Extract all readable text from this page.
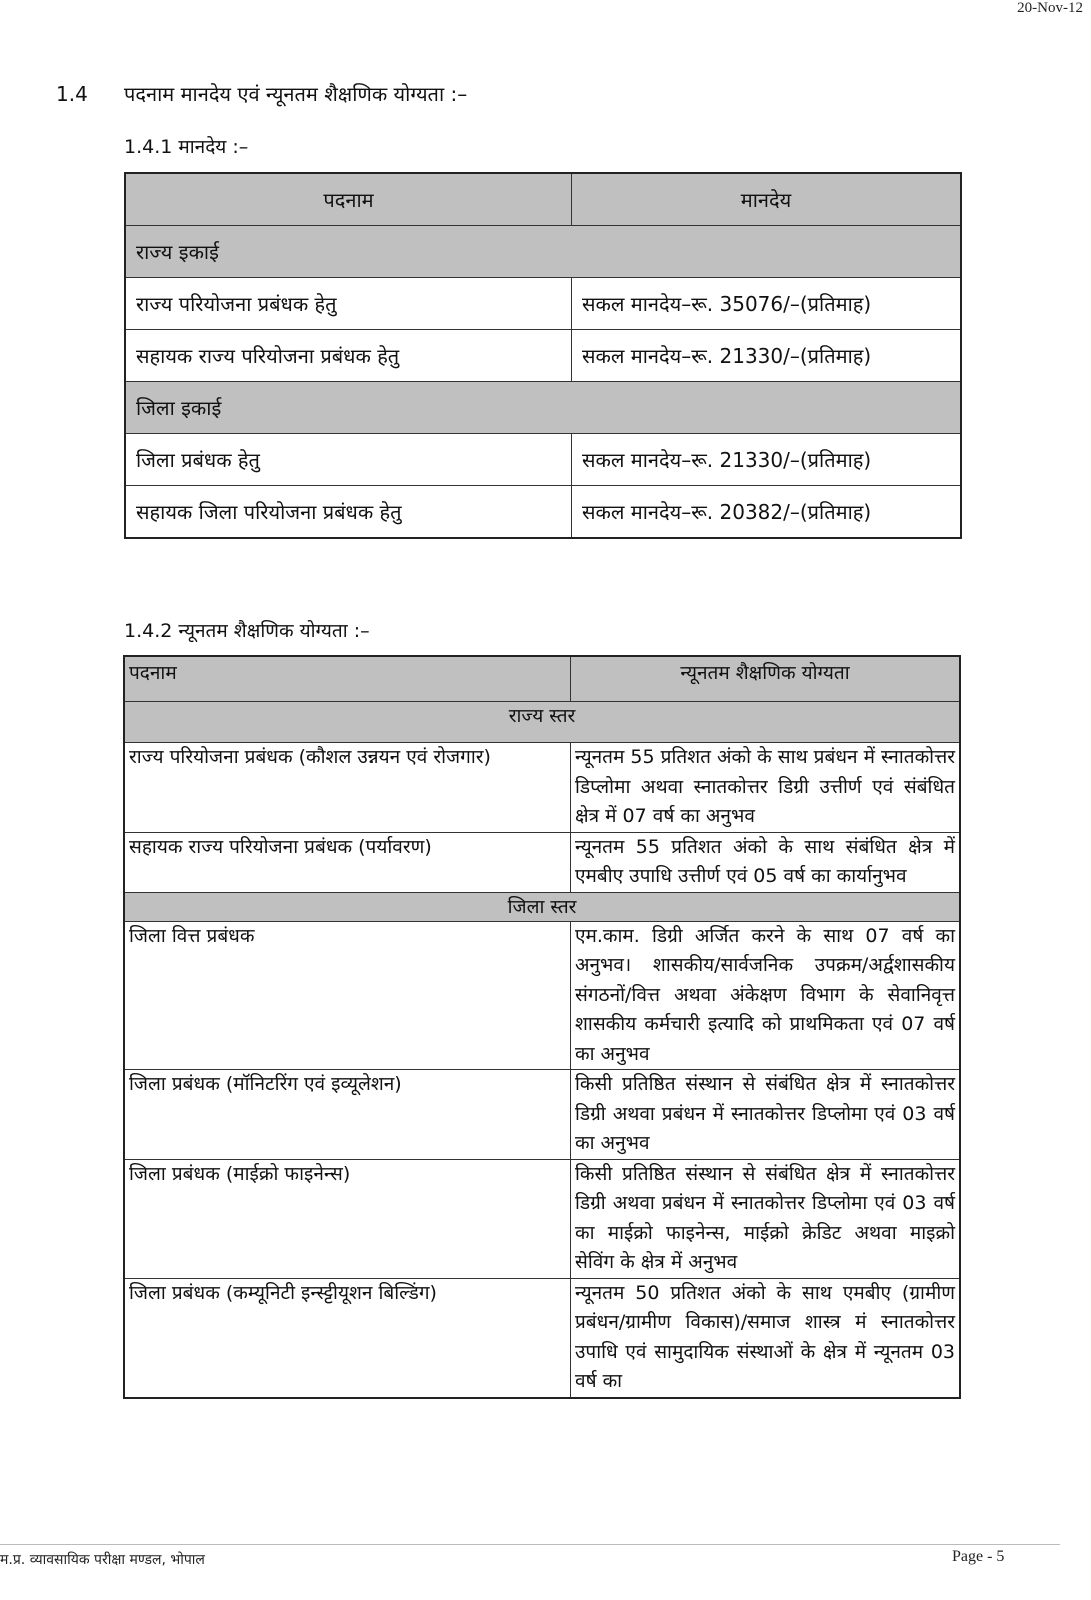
20-Nov-12
1.4 पदनाम मानदेय एवं न्यूनतम शैक्षणिक योग्यता :–
1.4.1 मानदेय :–
पदनाम	मानदेय
राज्य इकाई	
राज्य परियोजना प्रबंधक हेतु	सकल मानदेय–रू. 35076/–(प्रतिमाह)
सहायक राज्य परियोजना प्रबंधक हेतु	सकल मानदेय–रू. 21330/–(प्रतिमाह)
जिला इकाई	
जिला प्रबंधक हेतु	सकल मानदेय–रू. 21330/–(प्रतिमाह)
सहायक जिला परियोजना प्रबंधक हेतु	सकल मानदेय–रू. 20382/–(प्रतिमाह)
1.4.2 न्यूनतम शैक्षणिक योग्यता :–
पदनाम	न्यूनतम शैक्षणिक योग्यता
राज्य स्तर	
राज्य परियोजना प्रबंधक (कौशल उन्नयन एवं रोजगार)	न्यूनतम 55 प्रतिशत अंको के साथ प्रबंधन में स्नातकोत्तर डिप्लोमा अथवा स्नातकोत्तर डिग्री उत्तीर्ण एवं संबंधित क्षेत्र में 07 वर्ष का अनुभव
सहायक राज्य परियोजना प्रबंधक (पर्यावरण)	न्यूनतम 55 प्रतिशत अंको के साथ संबंधित क्षेत्र में एमबीए उपाधि उत्तीर्ण एवं 05 वर्ष का कार्यानुभव
जिला स्तर	
जिला वित्त प्रबंधक	एम.काम. डिग्री अर्जित करने के साथ 07 वर्ष का अनुभव। शासकीय/सार्वजनिक उपक्रम/अर्द्वशासकीय संगठनों/वित्त अथवा अंकेक्षण विभाग के सेवानिवृत्त शासकीय कर्मचारी इत्यादि को प्राथमिकता एवं 07 वर्ष का अनुभव
जिला प्रबंधक (मॉनिटरिंग एवं इव्यूलेशन)	किसी प्रतिष्ठित संस्थान से संबंधित क्षेत्र में स्नातकोत्तर डिग्री अथवा प्रबंधन में स्नातकोत्तर डिप्लोमा एवं 03 वर्ष का अनुभव
जिला प्रबंधक (माईक्रो फाइनेन्स)	किसी प्रतिष्ठित संस्थान से संबंधित क्षेत्र में स्नातकोत्तर डिग्री अथवा प्रबंधन में स्नातकोत्तर डिप्लोमा एवं 03 वर्ष का माईक्रो फाइनेन्स, माईक्रो क्रेडिट अथवा माइक्रो सेविंग के क्षेत्र में अनुभव
जिला प्रबंधक (कम्यूनिटी इन्स्ट्टीयूशन बिल्डिंग)	न्यूनतम 50 प्रतिशत अंको के साथ एमबीए (ग्रामीण प्रबंधन/ग्रामीण विकास)/समाज शास्त्र मं स्नातकोत्तर उपाधि एवं सामुदायिक संस्थाओं के क्षेत्र में न्यूनतम 03 वर्ष का
म.प्र. व्यावसायिक परीक्षा मण्डल, भोपाल	Page - 5
